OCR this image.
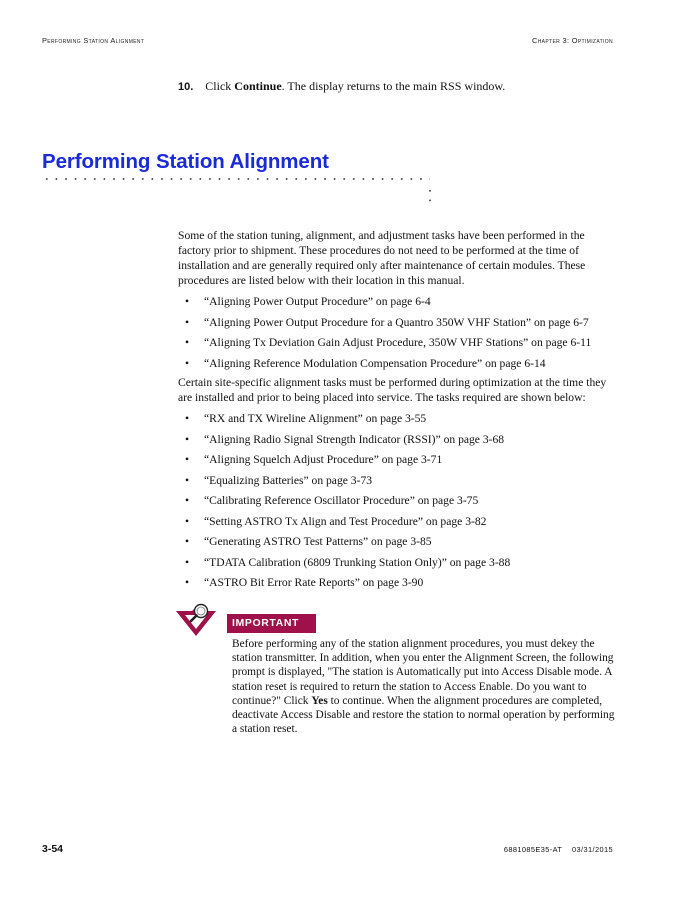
Performing Station Alignment	Chapter 3: Optimization
10. Click Continue. The display returns to the main RSS window.
Performing Station Alignment

Some of the station tuning, alignment, and adjustment tasks have been performed in the factory prior to shipment. These procedures do not need to be performed at the time of installation and are generally required only after maintenance of certain modules. These procedures are listed below with their location in this manual.

• “Aligning Power Output Procedure” on page 6-4
• “Aligning Power Output Procedure for a Quantro 350W VHF Station” on page 6-7
• “Aligning Tx Deviation Gain Adjust Procedure, 350W VHF Stations” on page 6-11
• “Aligning Reference Modulation Compensation Procedure” on page 6-14

Certain site-specific alignment tasks must be performed during optimization at the time they are installed and prior to being placed into service. The tasks required are shown below:

• “RX and TX Wireline Alignment” on page 3-55
• “Aligning Radio Signal Strength Indicator (RSSI)” on page 3-68
• “Aligning Squelch Adjust Procedure” on page 3-71
• “Equalizing Batteries” on page 3-73
• “Calibrating Reference Oscillator Procedure” on page 3-75
• “Setting ASTRO Tx Align and Test Procedure” on page 3-82
• “Generating ASTRO Test Patterns” on page 3-85
• “TDATA Calibration (6809 Trunking Station Only)” on page 3-88
• “ASTRO Bit Error Rate Reports” on page 3-90
IMPORTANT

Before performing any of the station alignment procedures, you must dekey the station transmitter. In addition, when you enter the Alignment Screen, the following prompt is displayed, "The station is Automatically put into Access Disable mode. A station reset is required to return the station to Access Enable. Do you want to continue?" Click Yes to continue. When the alignment procedures are completed, deactivate Access Disable and restore the station to normal operation by performing a station reset.

3-54	6881085E35-AT    03/31/2015
